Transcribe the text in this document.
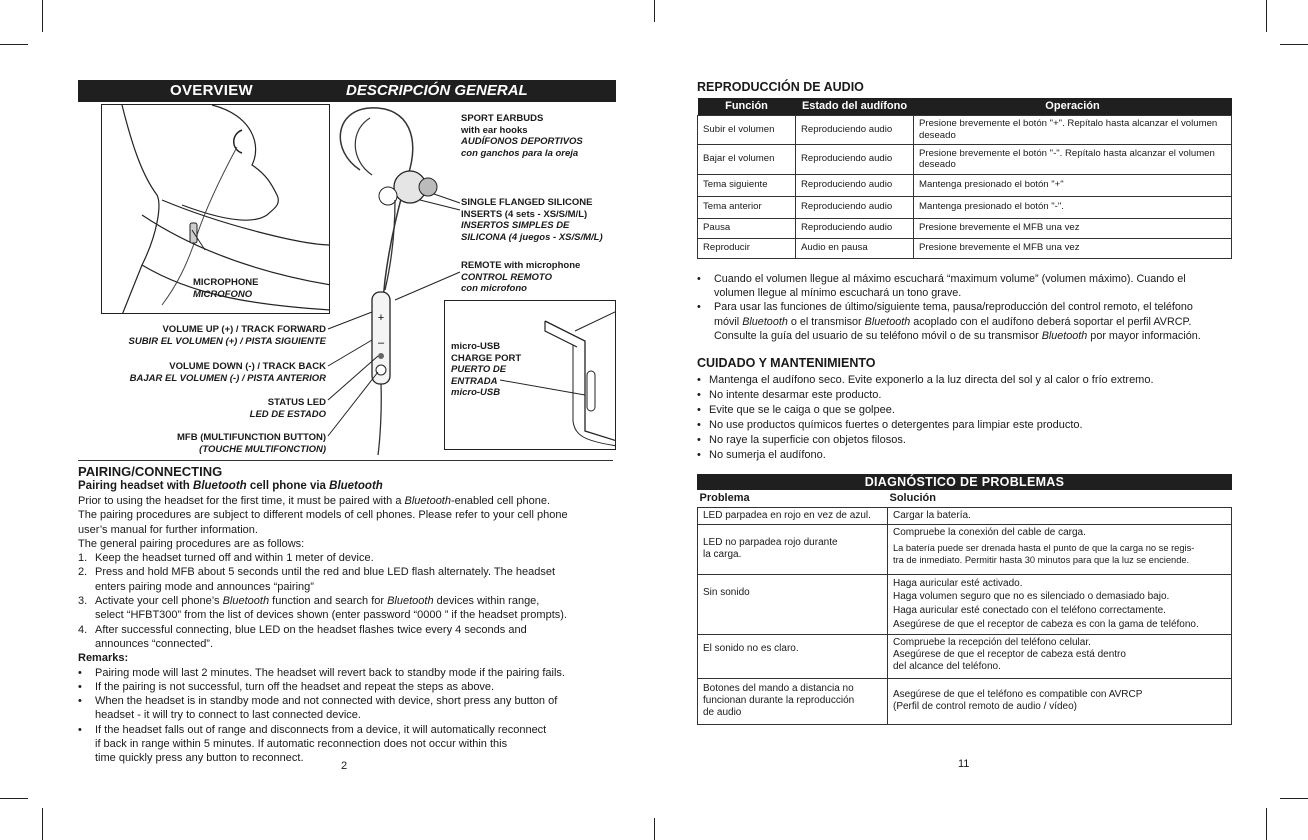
OVERVIEW	DESCRIPCIÓN GENERAL
+
–
SPORT EARBUDS
with ear hooks
AUDÍFONOS DEPORTIVOS
con ganchos para la oreja
SINGLE FLANGED SILICONE
INSERTS (4 sets - XS/S/M/L)
INSERTOS SIMPLES DE
SILICONA (4 juegos - XS/S/M/L)
REMOTE with microphone
CONTROL REMOTO
con microfono
MICROPHONE
MICROFONO
micro-USB
CHARGE PORT
PUERTO DE
ENTRADA
micro-USB
VOLUME UP (+) / TRACK FORWARD
SUBIR EL VOLUMEN (+) / PISTA SIGUIENTE
VOLUME DOWN (-) / TRACK BACK
BAJAR EL VOLUMEN (-) / PISTA ANTERIOR
STATUS LED
LED DE ESTADO
MFB (MULTIFUNCTION BUTTON)
(TOUCHE MULTIFONCTION)
PAIRING/CONNECTING
Pairing headset with Bluetooth cell phone via Bluetooth

Prior to using the headset for the first time, it must be paired with a Bluetooth-enabled cell phone.

The pairing procedures are subject to different models of cell phones. Please refer to your cell phone

user’s manual for further information.

The general pairing procedures are as follows:

1. Keep the headset turned off and within 1 meter of device.
2. Press and hold MFB about 5 seconds until the red and blue LED flash alternately. The headset
enters pairing mode and announces “pairing”
3. Activate your cell phone’s Bluetooth function and search for Bluetooth devices within range,
select “HFBT300” from the list of devices shown (enter password “0000 ” if the headset prompts).
4. After successful connecting, blue LED on the headset flashes twice every 4 seconds and
announces “connected”.

Remarks:

•	Pairing mode will last 2 minutes. The headset will revert back to standby mode if the pairing fails.
•	If the pairing is not successful, turn off the headset and repeat the steps as above.
•	When the headset is in standby mode and not connected with device, short press any button of
headset - it will try to connect to last connected device.
•	If the headset falls out of range and disconnects from a device, it will automatically reconnect
if back in range within 5 minutes. If automatic reconnection does not occur within this
time quickly press any button to reconnect.
2
REPRODUCCIÓN DE AUDIO
Función	Estado del audífono	Operación
Subir el volumen	Reproduciendo audio	Presione brevemente el botón "+". Repítalo hasta alcanzar el volumen deseado
Bajar el volumen	Reproduciendo audio	Presione brevemente el botón "-". Repítalo hasta alcanzar el volumen deseado
Tema siguiente	Reproduciendo audio	Mantenga presionado el botón "+"
Tema anterior	Reproduciendo audio	Mantenga presionado el botón "-".
Pausa	Reproduciendo audio	Presione brevemente el MFB una vez
Reproducir	Audio en pausa	Presione brevemente el MFB una vez
•	Cuando el volumen llegue al máximo escuchará “maximum volume” (volumen máximo). Cuando el
volumen llegue al mínimo escuchará un tono grave.
•	Para usar las funciones de último/siguiente tema, pausa/reproducción del control remoto, el teléfono
móvil Bluetooth o el transmisor Bluetooth acoplado con el audífono deberá soportar el perfil AVRCP.
Consulte la guía del usuario de su teléfono móvil o de su transmisor Bluetooth por mayor información.
CUIDADO Y MANTENIMIENTO
• Mantenga el audífono seco. Evite exponerlo a la luz directa del sol y al calor o frío extremo.
• No intente desarmar este producto.
• Evite que se le caiga o que se golpee.
• No use productos químicos fuertes o detergentes para limpiar este producto.
• No raye la superficie con objetos filosos.
• No sumerja el audífono.
DIAGNÓSTICO DE PROBLEMAS
Problema	Solución
LED parpadea en rojo en vez de azul.	Cargar la batería.
LED no parpadea rojo durante
la carga.	Compruebe la conexión del cable de carga.
La batería puede ser drenada hasta el punto de que la carga no se regis-
tra de inmediato. Permitir hasta 30 minutos para que la luz se enciende.

Sin sonido	Haga auricular esté activado.
Haga volumen seguro que no es silenciado o demasiado bajo.
Haga auricular esté conectado con el teléfono correctamente.
Asegúrese de que el receptor de cabeza es con la gama de teléfono.
El sonido no es claro.	Compruebe la recepción del teléfono celular.
Asegúrese de que el receptor de cabeza está dentro
del alcance del teléfono.
Botones del mando a distancia no
funcionan durante la reproducción
de audio	Asegúrese de que el teléfono es compatible con AVRCP
(Perfil de control remoto de audio / vídeo)
11
